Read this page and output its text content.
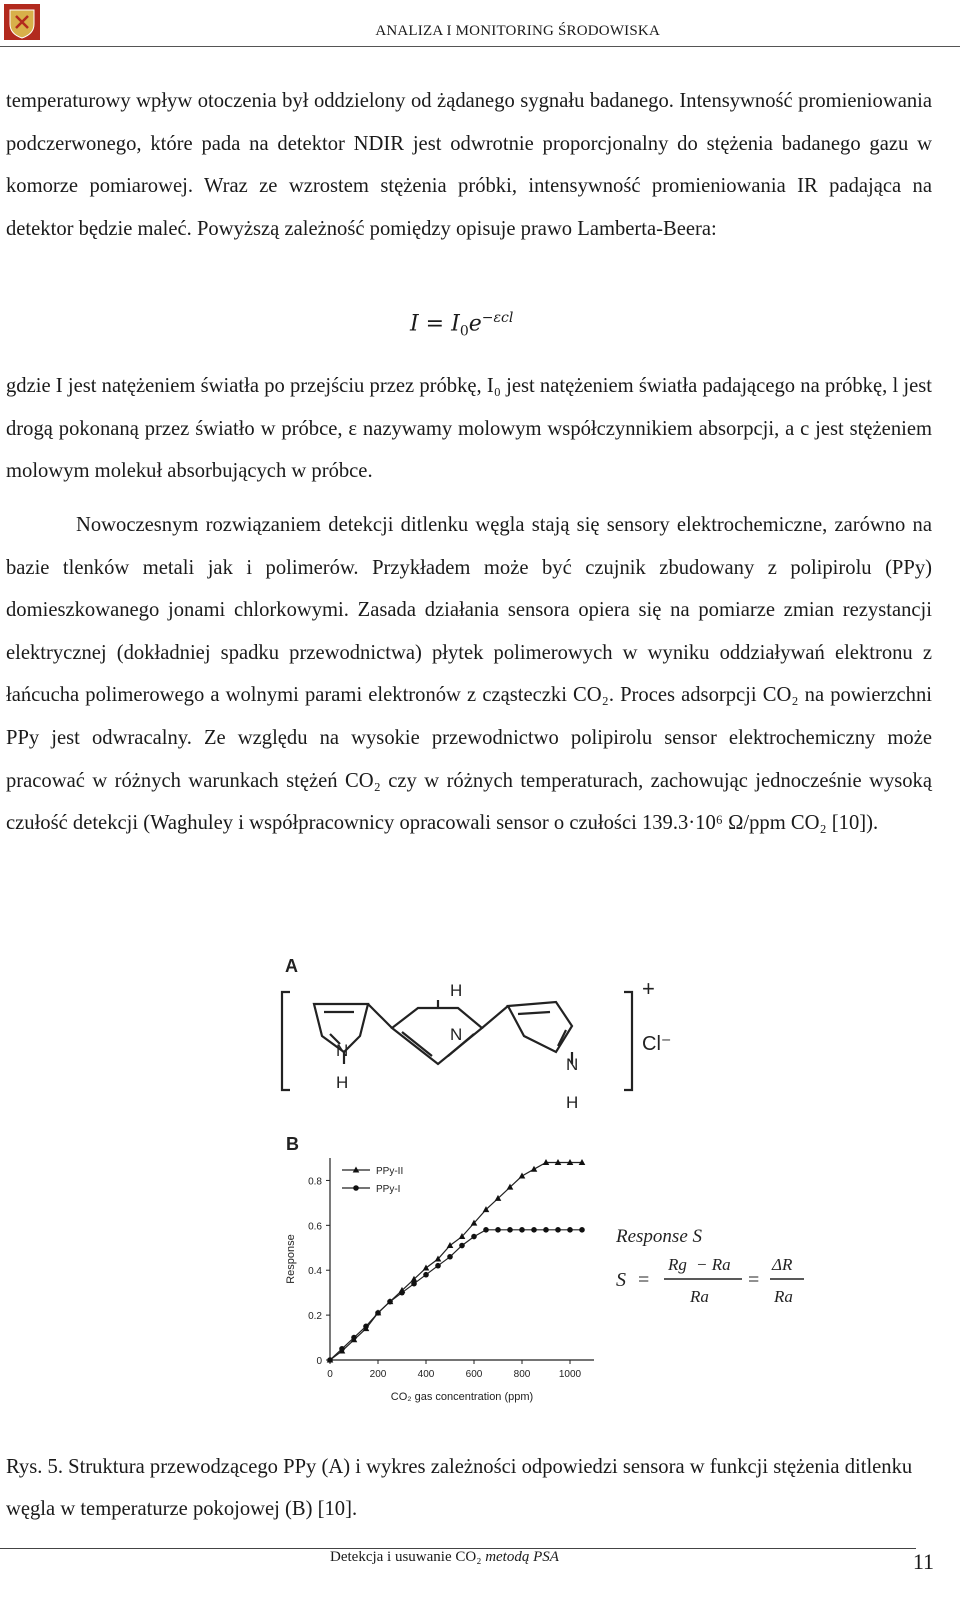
ANALIZA I MONITORING ŚRODOWISKA

temperaturowy wpływ otoczenia był oddzielony od żądanego sygnału badanego. Intensywność promieniowania podczerwonego, które pada na detektor NDIR jest odwrotnie proporcjonalny do stężenia badanego gazu w komorze pomiarowej. Wraz ze wzrostem stężenia próbki, intensywność promieniowania IR padająca na detektor będzie maleć. Powyższą zależność pomiędzy opisuje prawo Lamberta-Beera:

$I = I_0e^{-\varepsilon cl}$

gdzie I jest natężeniem światła po przejściu przez próbkę, I₀ jest natężeniem światła padającego na próbkę, l jest drogą pokonaną przez światło w próbce, ε nazywamy molowym współczynnikiem absorpcji, a c jest stężeniem molowym molekuł absorbujących w próbce.

Nowoczesnym rozwiązaniem detekcji ditlenku węgla stają się sensory elektrochemiczne, zarówno na bazie tlenków metali jak i polimerów. Przykładem może być czujnik zbudowany z polipirolu (PPy) domieszkowanego jonami chlorkowymi. Zasada działania sensora opiera się na pomiarze zmian rezystancji elektrycznej (dokładniej spadku przewodnictwa) płytek polimerowych w wyniku oddziaływań elektronu z łańcucha polimerowego a wolnymi parami elektronów z cząsteczki CO₂. Proces adsorpcji CO₂ na powierzchni PPy jest odwracalny. Ze względu na wysokie przewodnictwo polipirolu sensor elektrochemiczny może pracować w różnych warunkach stężeń CO₂ czy w różnych temperaturach, zachowując jednocześnie wysoką czułość detekcji (Waghuley i współpracownicy opracowali sensor o czułości 139.3·10⁶ Ω/ppm CO₂ [10]).

A
N
H
H
N
N
H
+
Cl⁻
B
0
0.2
0.4
0.6
0.8
0	200	400	600	800	1000
CO₂ gas concentration (ppm)
Response
PPy-II
PPy-I
Response S
S =
Rg − Ra
Ra
=
ΔR
Ra

Rys. 5. Struktura przewodzącego PPy (A) i wykres zależności odpowiedzi sensora w funkcji stężenia ditlenku węgla w temperaturze pokojowej (B) [10].

Detekcja i usuwanie CO₂ metodą PSA	11
